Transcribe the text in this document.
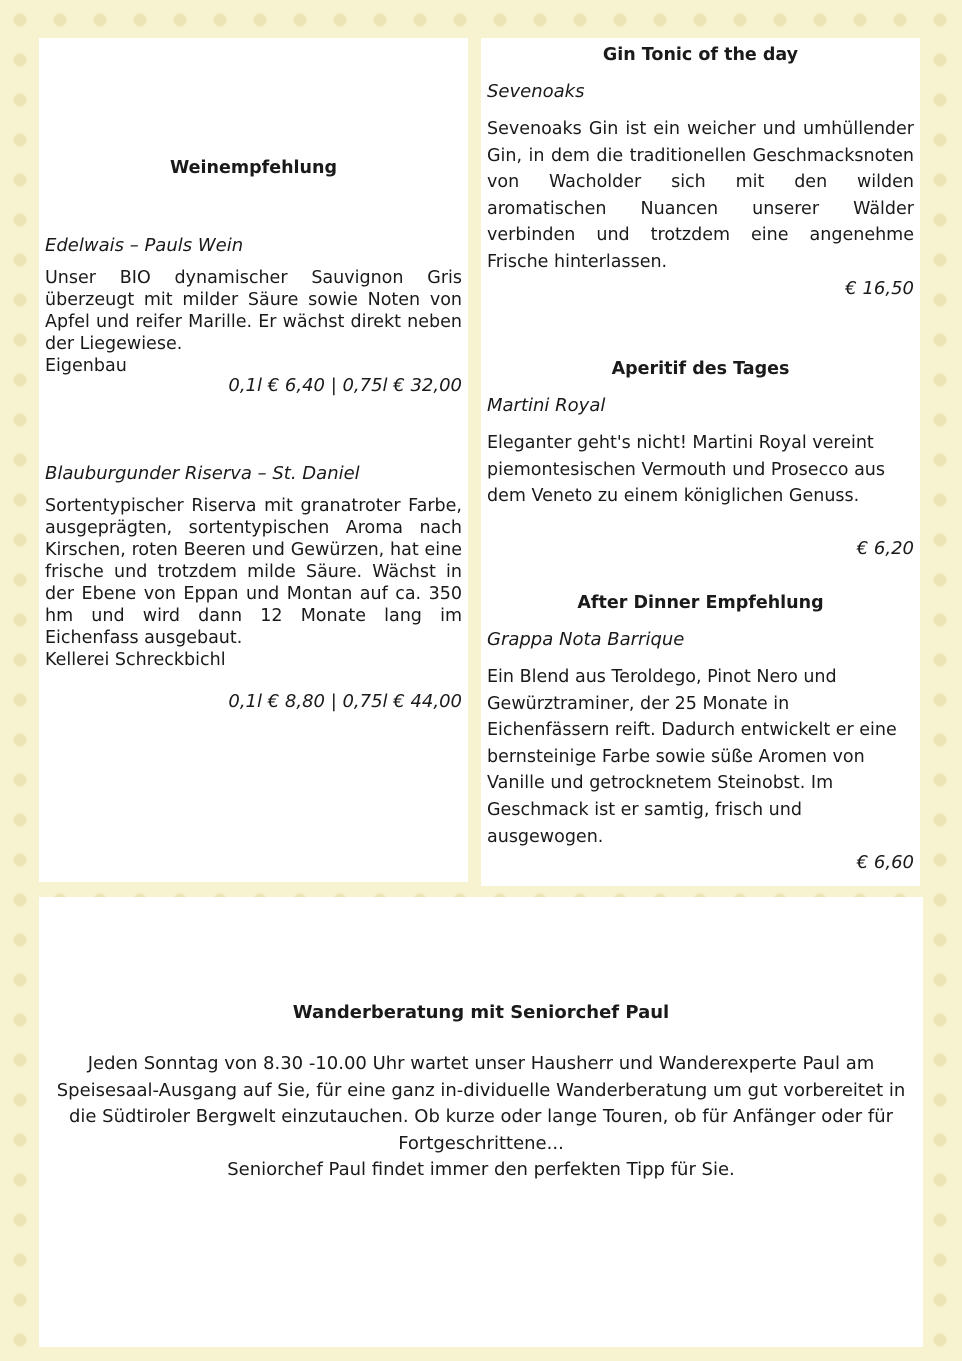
Weinempfehlung
Edelwais – Pauls Wein
Unser BIO dynamischer Sauvignon Gris überzeugt mit milder Säure sowie Noten von Apfel und reifer Marille. Er wächst direkt neben der Liegewiese.
Eigenbau
0,1l € 6,40 | 0,75l € 32,00
Blauburgunder Riserva – St. Daniel
Sortentypischer Riserva mit granatroter Farbe, ausgeprägten, sortentypischen Aroma nach Kirschen, roten Beeren und Gewürzen, hat eine frische und trotzdem milde Säure. Wächst in der Ebene von Eppan und Montan auf ca. 350 hm und wird dann 12 Monate lang im Eichenfass ausgebaut.
Kellerei Schreckbichl
0,1l € 8,80 | 0,75l € 44,00
Gin Tonic of the day
Sevenoaks
Sevenoaks Gin ist ein weicher und umhüllender Gin, in dem die traditionellen Geschmacksnoten von Wacholder sich mit den wilden aromatischen Nuancen unserer Wälder verbinden und trotzdem eine angenehme Frische hinterlassen.
€ 16,50
Aperitif des Tages
Martini Royal
Eleganter geht's nicht! Martini Royal vereint piemontesischen Vermouth und Prosecco aus dem Veneto zu einem königlichen Genuss.
€ 6,20
After Dinner Empfehlung
Grappa Nota Barrique
Ein Blend aus Teroldego, Pinot Nero und Gewürztraminer, der 25 Monate in Eichenfässern reift. Dadurch entwickelt er eine bernsteinige Farbe sowie süße Aromen von Vanille und getrocknetem Steinobst. Im Geschmack ist er samtig, frisch und ausgewogen.
€ 6,60
Wanderberatung mit Seniorchef Paul
Jeden Sonntag von 8.30 -10.00 Uhr wartet unser Hausherr und Wanderexperte Paul am Speisesaal-Ausgang auf Sie, für eine ganz in-dividuelle Wanderberatung um gut vorbereitet in die Südtiroler Bergwelt einzutauchen. Ob kurze oder lange Touren, ob für Anfänger oder für Fortgeschrittene...
Seniorchef Paul findet immer den perfekten Tipp für Sie.
